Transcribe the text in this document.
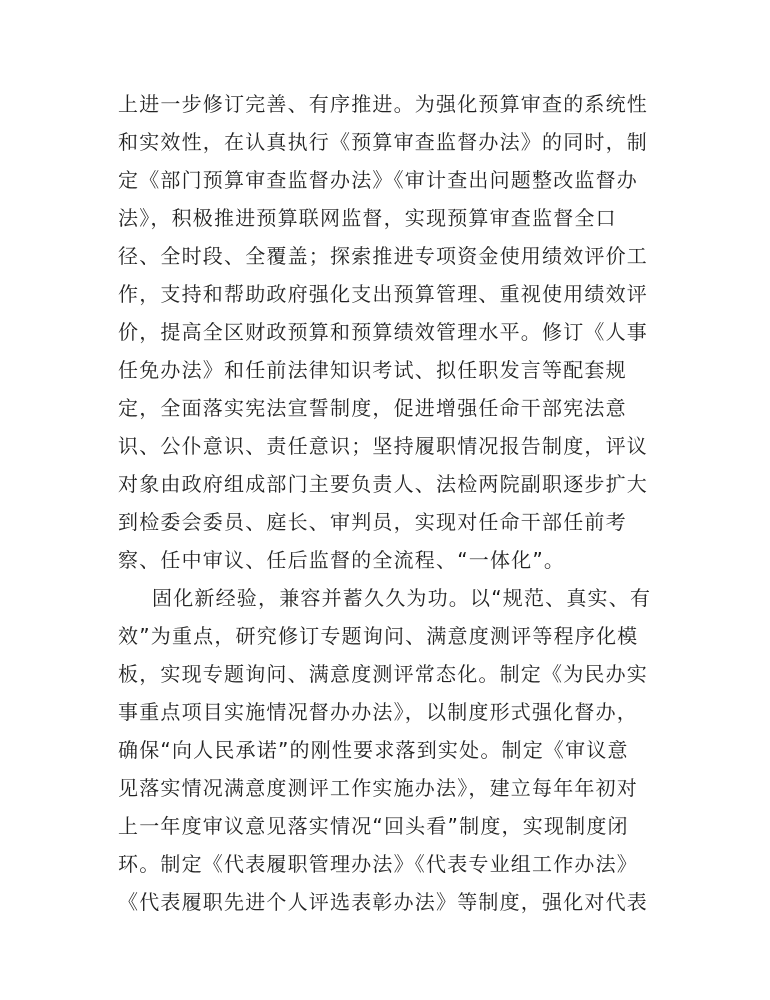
上进一步修订完善、有序推进。为强化预算审查的系统性
和实效性，在认真执行《预算审查监督办法》的同时，制
定《部门预算审查监督办法》《审计查出问题整改监督办
法》，积极推进预算联网监督，实现预算审查监督全口
径、全时段、全覆盖；探索推进专项资金使用绩效评价工
作，支持和帮助政府强化支出预算管理、重视使用绩效评
价，提高全区财政预算和预算绩效管理水平。修订《人事
任免办法》和任前法律知识考试、拟任职发言等配套规
定，全面落实宪法宣誓制度，促进增强任命干部宪法意
识、公仆意识、责任意识；坚持履职情况报告制度，评议
对象由政府组成部门主要负责人、法检两院副职逐步扩大
到检委会委员、庭长、审判员，实现对任命干部任前考
察、任中审议、任后监督的全流程、“一体化”。
固化新经验，兼容并蓄久久为功。以“规范、真实、有
效”为重点，研究修订专题询问、满意度测评等程序化模
板，实现专题询问、满意度测评常态化。制定《为民办实
事重点项目实施情况督办办法》，以制度形式强化督办，
确保“向人民承诺”的刚性要求落到实处。制定《审议意
见落实情况满意度测评工作实施办法》，建立每年年初对
上一年度审议意见落实情况“回头看”制度，实现制度闭
环。制定《代表履职管理办法》《代表专业组工作办法》
《代表履职先进个人评选表彰办法》等制度，强化对代表
